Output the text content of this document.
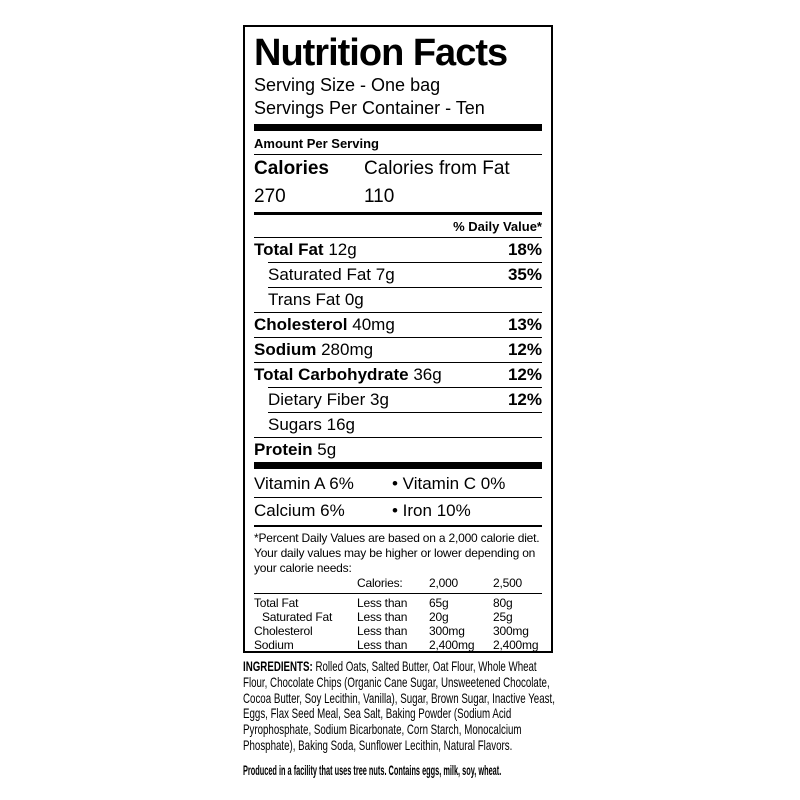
Nutrition Facts
Serving Size - One bag
Servings Per Container - Ten
Amount Per Serving
Calories 270
Calories from Fat 110
% Daily Value*
Total Fat 12g	18%
Saturated Fat 7g	35%
Trans Fat 0g
Cholesterol 40mg	13%
Sodium 280mg	12%
Total Carbohydrate 36g	12%
Dietary Fiber 3g	12%
Sugars 16g
Protein 5g
Vitamin A 6% • Vitamin C 0%
Calcium 6%	• Iron 10%
*Percent Daily Values are based on a 2,000 calorie diet. Your daily values may be higher or lower depending on your calorie needs:
Calories: 2,000	2,500
Total Fat	Less than 65g	80g
Saturated Fat Less than 20g	25g
Cholesterol	Less than 300mg 300mg
Sodium	Less than 2,400mg 2,400mg
INGREDIENTS: Rolled Oats, Salted Butter, Oat Flour, Whole Wheat Flour, Chocolate Chips (Organic Cane Sugar, Unsweetened Chocolate, Cocoa Butter, Soy Lecithin, Vanilla), Sugar, Brown Sugar, Inactive Yeast, Eggs, Flax Seed Meal, Sea Salt, Baking Powder (Sodium Acid Pyrophosphate, Sodium Bicarbonate, Corn Starch, Monocalcium Phosphate), Baking Soda, Sunflower Lecithin, Natural Flavors.
Produced in a facility that uses tree nuts. Contains eggs, milk, soy, wheat.
